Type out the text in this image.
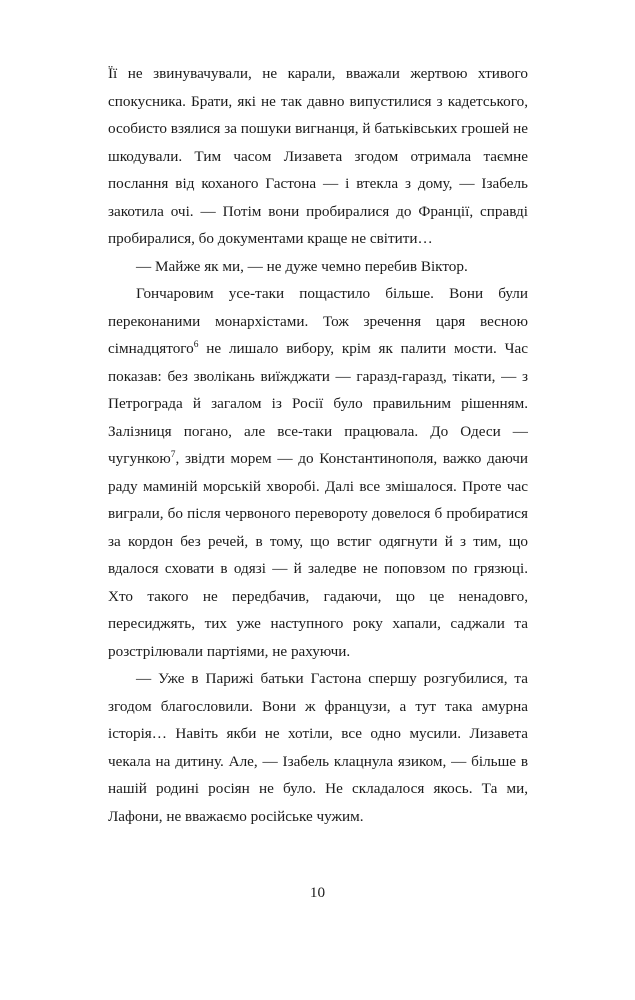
Її не звинувачували, не карали, вважали жертвою хтивого спокусника. Брати, які не так давно випустилися з кадетського, особисто взялися за пошуки вигнанця, й батьківських грошей не шкодували. Тим часом Лизавета згодом отримала таємне послання від коханого Гастона — і втекла з дому, — Ізабель закотила очі. — Потім вони пробиралися до Франції, справді пробиралися, бо документами краще не світити…

— Майже як ми, — не дуже чемно перебив Віктор.

Гончаровим усе-таки пощастило більше. Вони були переконаними монархістами. Тож зречення царя весною сімнадцятого$^6$ не лишало вибору, крім як палити мости. Час показав: без зволікань виїжджати — гаразд-гаразд, тікати, — з Петрограда й загалом із Росії було правильним рішенням. Залізниця погано, але все-таки працювала. До Одеси — чугункою$^7$, звідти морем — до Константинополя, важко даючи раду маминій морській хворобі. Далі все змішалося. Проте час виграли, бо після червоного перевороту довелося б пробиратися за кордон без речей, в тому, що встиг одягнути й з тим, що вдалося сховати в одязі — й заледве не поповзом по грязюці. Хто такого не передбачив, гадаючи, що це ненадовго, пересиджять, тих уже наступного року хапали, саджали та розстрілювали партіями, не рахуючи.

— Уже в Парижі батьки Гастона спершу розгубилися, та згодом благословили. Вони ж французи, а тут така амурна історія… Навіть якби не хотіли, все одно мусили. Лизавета чекала на дитину. Але, — Ізабель клацнула язиком, — більше в нашій родині росіян не було. Не складалося якось. Та ми, Лафони, не вважаємо російське чужим.

10
